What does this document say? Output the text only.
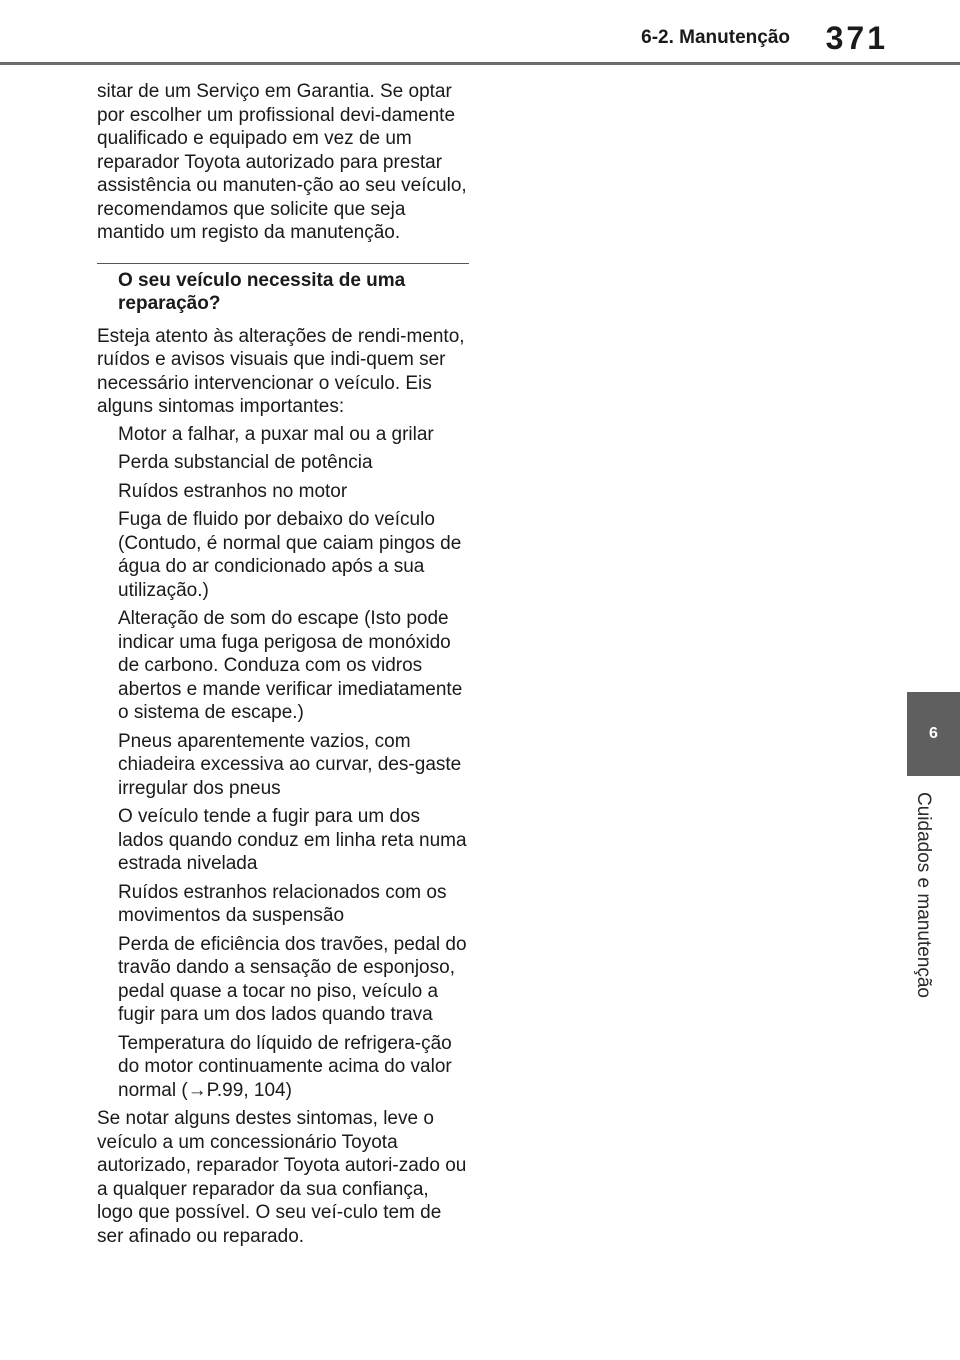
6-2. Manutenção 371
6
Cuidados e manutenção

sitar de um Serviço em Garantia. Se optar por escolher um profissional devi-damente qualificado e equipado em vez de um reparador Toyota autorizado para prestar assistência ou manuten-ção ao seu veículo, recomendamos que solicite que seja mantido um registo da manutenção.

O seu veículo necessita de uma reparação?

Esteja atento às alterações de rendi-mento, ruídos e avisos visuais que indi-quem ser necessário intervencionar o veículo. Eis alguns sintomas importantes:

Motor a falhar, a puxar mal ou a grilar
Perda substancial de potência
Ruídos estranhos no motor
Fuga de fluido por debaixo do veículo (Contudo, é normal que caiam pingos de água do ar condicionado após a sua utilização.)
Alteração de som do escape (Isto pode indicar uma fuga perigosa de monóxido de carbono. Conduza com os vidros abertos e mande verificar imediatamente o sistema de escape.)
Pneus aparentemente vazios, com chiadeira excessiva ao curvar, des-gaste irregular dos pneus
O veículo tende a fugir para um dos lados quando conduz em linha reta numa estrada nivelada
Ruídos estranhos relacionados com os movimentos da suspensão
Perda de eficiência dos travões, pedal do travão dando a sensação de esponjoso, pedal quase a tocar no piso, veículo a fugir para um dos lados quando trava
Temperatura do líquido de refrigera-ção do motor continuamente acima do valor normal (→P.99, 104)

Se notar alguns destes sintomas, leve o veículo a um concessionário Toyota autorizado, reparador Toyota autori-zado ou a qualquer reparador da sua confiança, logo que possível. O seu veí-culo tem de ser afinado ou reparado.
